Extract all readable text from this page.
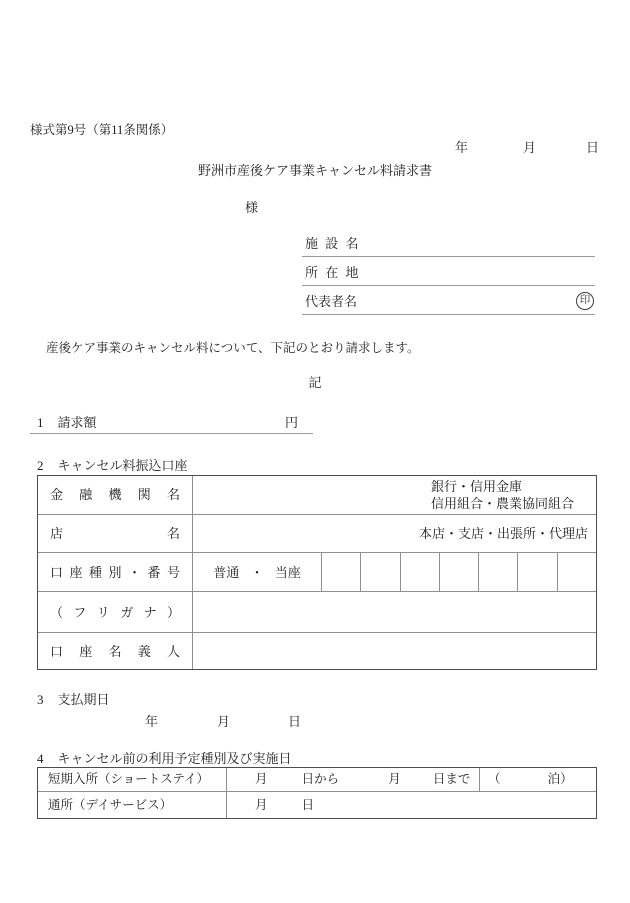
様式第9号（第11条関係）
年	月	日
野洲市産後ケア事業キャンセル料請求書
様
施 設 名
所 在 地
代表者名	印
産後ケア事業のキャンセル料について、下記のとおり請求します。
記
1 請求額	円
2 キャンセル料振込口座
金 融 機 関 名
銀行・信用金庫
信用組合・農業協同組合
店 名	本店・支店・出張所・代理店
口 座 種 別 ・ 番 号	普通 ・ 当座
（ フ リ ガ ナ ）
口 座 名 義 人
3 支払期日
年	月	日
4 キャンセル前の利用予定種別及び実施日
短期入所（ショートステイ）	月	日から	月	日まで	（	泊）
通所（デイサービス）	月	日
